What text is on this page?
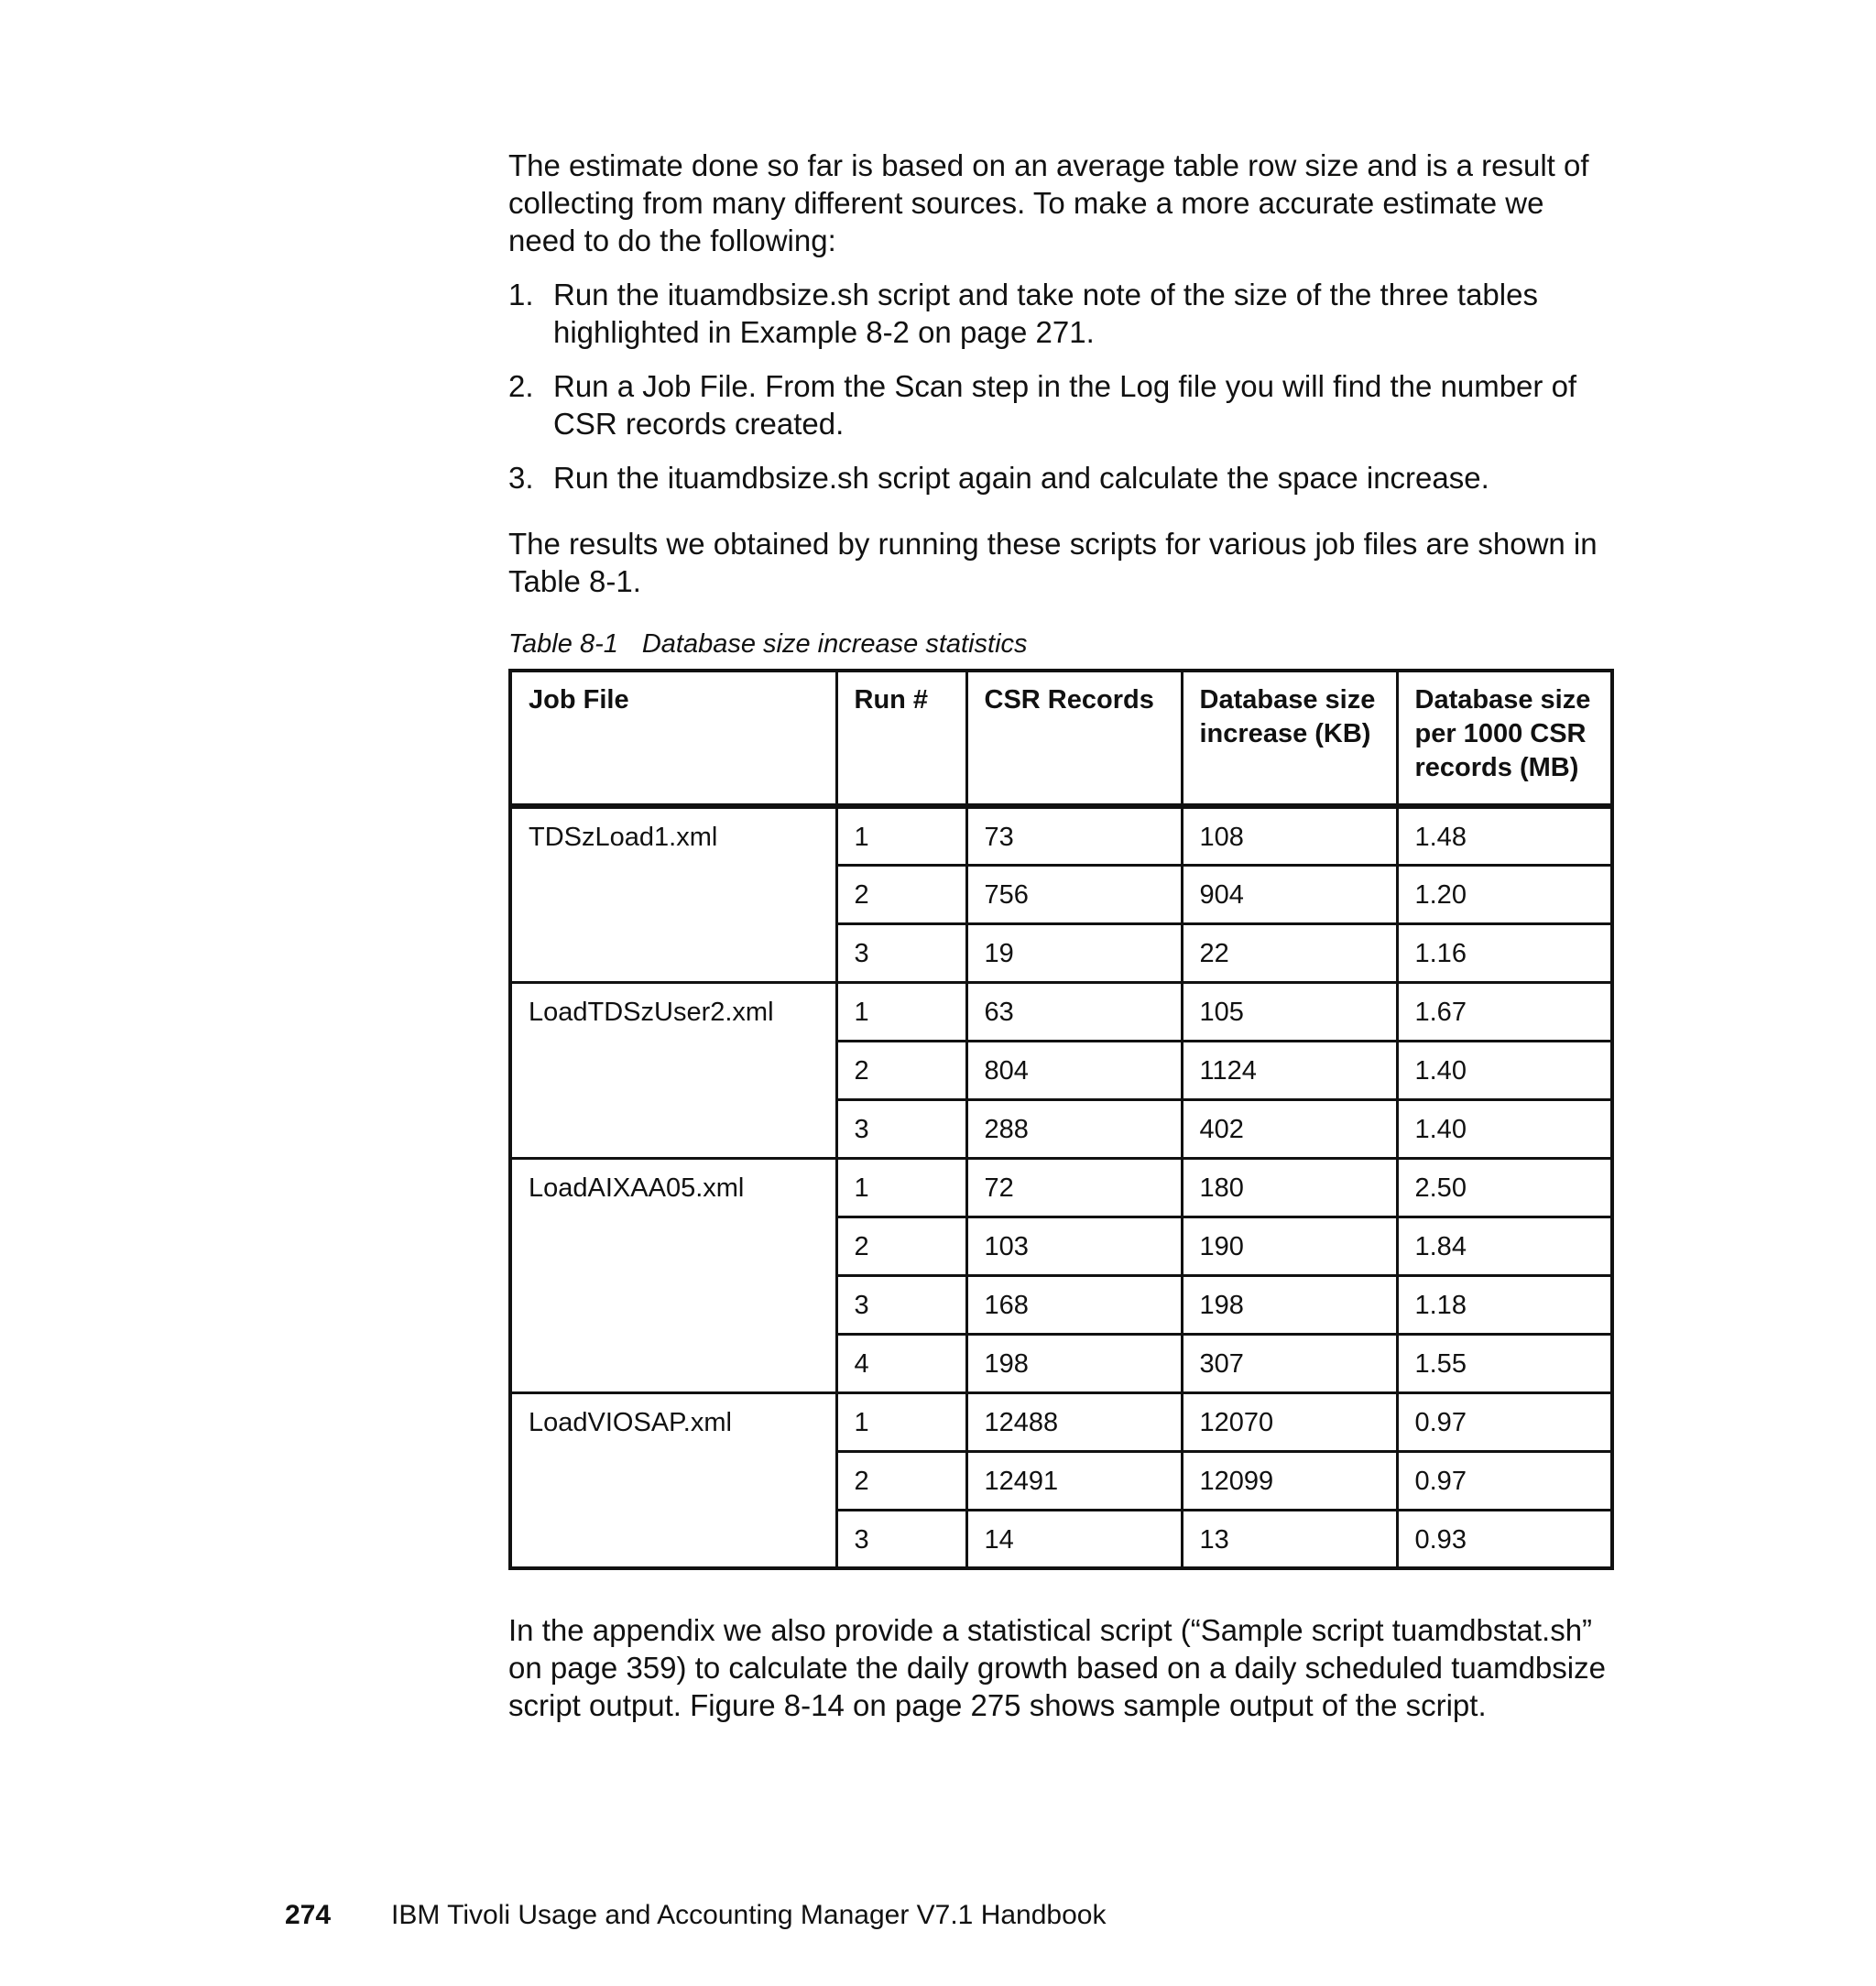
The estimate done so far is based on an average table row size and is a result of collecting from many different sources. To make a more accurate estimate we need to do the following:

1. Run the ituamdbsize.sh script and take note of the size of the three tables highlighted in Example 8-2 on page 271.
2. Run a Job File. From the Scan step in the Log file you will find the number of CSR records created.
3. Run the ituamdbsize.sh script again and calculate the space increase.

The results we obtained by running these scripts for various job files are shown in Table 8-1.

Table 8-1 Database size increase statistics

Job File	Run #	CSR Records	Database size increase (KB)	Database size per 1000 CSR records (MB)
TDSzLoad1.xml	1	73	108	1.48
	2	756	904	1.20
	3	19	22	1.16
LoadTDSzUser2.xml	1	63	105	1.67
	2	804	1124	1.40
	3	288	402	1.40
LoadAIXAA05.xml	1	72	180	2.50
	2	103	190	1.84
	3	168	198	1.18
	4	198	307	1.55
LoadVIOSAP.xml	1	12488	12070	0.97
	2	12491	12099	0.97
	3	14	13	0.93

In the appendix we also provide a statistical script (“Sample script tuamdbstat.sh” on page 359) to calculate the daily growth based on a daily scheduled tuamdbsize script output. Figure 8-14 on page 275 shows sample output of the script.

274	IBM Tivoli Usage and Accounting Manager V7.1 Handbook
